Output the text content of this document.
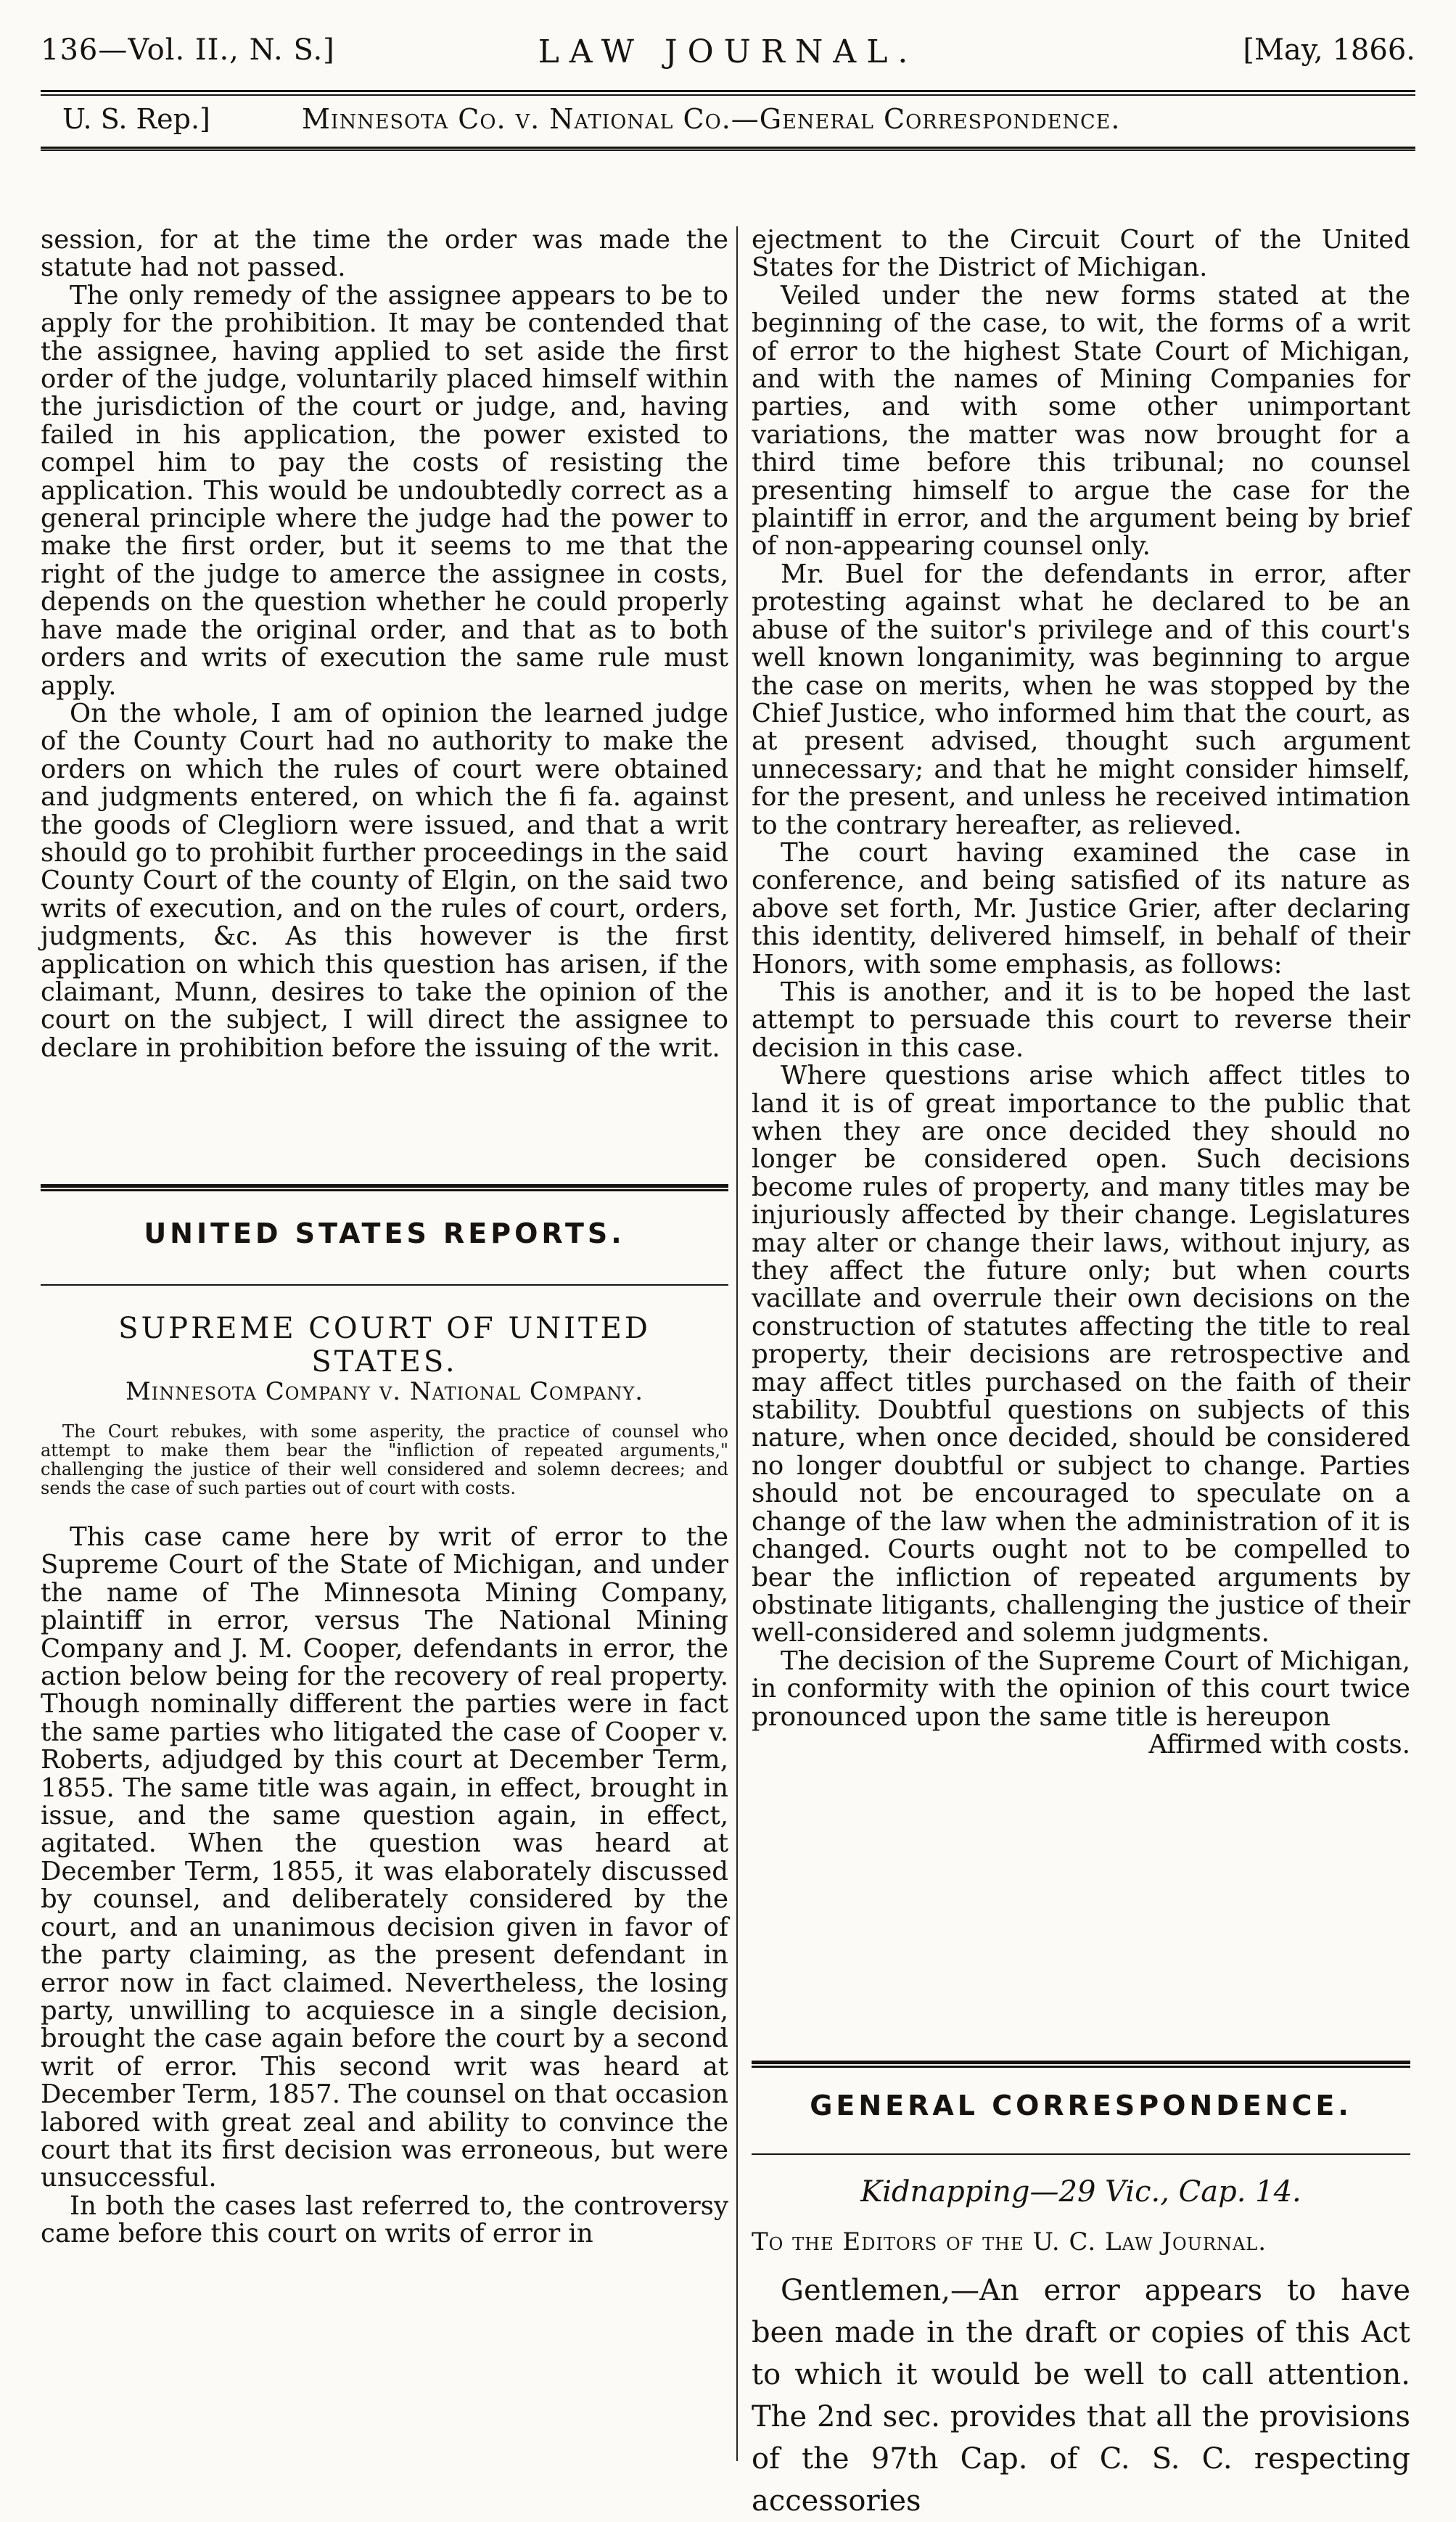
136—Vol. II., N. S.]	LAW JOURNAL.	[May, 1866.
U. S. Rep.]	Minnesota Co. v. National Co.—General Correspondence.

session, for at the time the order was made the statute had not passed.

The only remedy of the assignee appears to be to apply for the prohibition. It may be contended that the assignee, having applied to set aside the first order of the judge, voluntarily placed himself within the jurisdiction of the court or judge, and, having failed in his application, the power existed to compel him to pay the costs of resisting the application. This would be undoubtedly correct as a general principle where the judge had the power to make the first order, but it seems to me that the right of the judge to amerce the assignee in costs, depends on the question whether he could properly have made the original order, and that as to both orders and writs of execution the same rule must apply.

On the whole, I am of opinion the learned judge of the County Court had no authority to make the orders on which the rules of court were obtained and judgments entered, on which the fi fa. against the goods of Clegliorn were issued, and that a writ should go to prohibit further proceedings in the said County Court of the county of Elgin, on the said two writs of execution, and on the rules of court, orders, judgments, &c. As this however is the first application on which this question has arisen, if the claimant, Munn, desires to take the opinion of the court on the subject, I will direct the assignee to declare in prohibition before the issuing of the writ.

UNITED STATES REPORTS.
SUPREME COURT OF UNITED STATES.
Minnesota Company v. National Company.

The Court rebukes, with some asperity, the practice of counsel who attempt to make them bear the "infliction of repeated arguments," challenging the justice of their well considered and solemn decrees; and sends the case of such parties out of court with costs.

This case came here by writ of error to the Supreme Court of the State of Michigan, and under the name of The Minnesota Mining Company, plaintiff in error, versus The National Mining Company and J. M. Cooper, defendants in error, the action below being for the recovery of real property. Though nominally different the parties were in fact the same parties who litigated the case of Cooper v. Roberts, adjudged by this court at December Term, 1855. The same title was again, in effect, brought in issue, and the same question again, in effect, agitated. When the question was heard at December Term, 1855, it was elaborately discussed by counsel, and deliberately considered by the court, and an unanimous decision given in favor of the party claiming, as the present defendant in error now in fact claimed. Nevertheless, the losing party, unwilling to acquiesce in a single decision, brought the case again before the court by a second writ of error. This second writ was heard at December Term, 1857. The counsel on that occasion labored with great zeal and ability to convince the court that its first decision was erroneous, but were unsuccessful.

In both the cases last referred to, the controversy came before this court on writs of error in

ejectment to the Circuit Court of the United States for the District of Michigan.

Veiled under the new forms stated at the beginning of the case, to wit, the forms of a writ of error to the highest State Court of Michigan, and with the names of Mining Companies for parties, and with some other unimportant variations, the matter was now brought for a third time before this tribunal; no counsel presenting himself to argue the case for the plaintiff in error, and the argument being by brief of non-appearing counsel only.

Mr. Buel for the defendants in error, after protesting against what he declared to be an abuse of the suitor's privilege and of this court's well known longanimity, was beginning to argue the case on merits, when he was stopped by the Chief Justice, who informed him that the court, as at present advised, thought such argument unnecessary; and that he might consider himself, for the present, and unless he received intimation to the contrary hereafter, as relieved.

The court having examined the case in conference, and being satisfied of its nature as above set forth, Mr. Justice Grier, after declaring this identity, delivered himself, in behalf of their Honors, with some emphasis, as follows:

This is another, and it is to be hoped the last attempt to persuade this court to reverse their decision in this case.

Where questions arise which affect titles to land it is of great importance to the public that when they are once decided they should no longer be considered open. Such decisions become rules of property, and many titles may be injuriously affected by their change. Legislatures may alter or change their laws, without injury, as they affect the future only; but when courts vacillate and overrule their own decisions on the construction of statutes affecting the title to real property, their decisions are retrospective and may affect titles purchased on the faith of their stability. Doubtful questions on subjects of this nature, when once decided, should be considered no longer doubtful or subject to change. Parties should not be encouraged to speculate on a change of the law when the administration of it is changed. Courts ought not to be compelled to bear the infliction of repeated arguments by obstinate litigants, challenging the justice of their well-considered and solemn judgments.

The decision of the Supreme Court of Michigan, in conformity with the opinion of this court twice pronounced upon the same title is hereupon

Affirmed with costs.

GENERAL CORRESPONDENCE.
Kidnapping—29 Vic., Cap. 14.
To the Editors of the U. C. Law Journal.

Gentlemen,—An error appears to have been made in the draft or copies of this Act to which it would be well to call attention. The 2nd sec. provides that all the provisions of the 97th Cap. of C. S. C. respecting accessories
